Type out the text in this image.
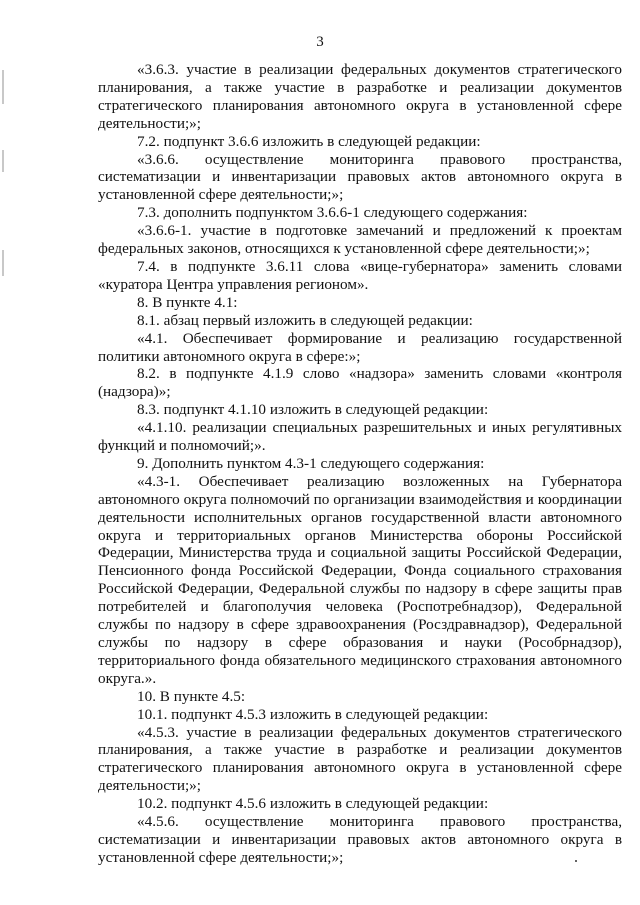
3

«3.6.3. участие в реализации федеральных документов стратегического планирования, а также участие в разработке и реализации документов стратегического планирования автономного округа в установленной сфере деятельности;»;

7.2. подпункт 3.6.6 изложить в следующей редакции:

«3.6.6. осуществление мониторинга правового пространства, систематизации и инвентаризации правовых актов автономного округа в установленной сфере деятельности;»;

7.3. дополнить подпунктом 3.6.6-1 следующего содержания:

«3.6.6-1. участие в подготовке замечаний и предложений к проектам федеральных законов, относящихся к установленной сфере деятельности;»;

7.4. в подпункте 3.6.11 слова «вице-губернатора» заменить словами «куратора Центра управления регионом».

8. В пункте 4.1:

8.1. абзац первый изложить в следующей редакции:

«4.1. Обеспечивает формирование и реализацию государственной политики автономного округа в сфере:»;

8.2. в подпункте 4.1.9 слово «надзора» заменить словами «контроля (надзора)»;

8.3. подпункт 4.1.10 изложить в следующей редакции:

«4.1.10. реализации специальных разрешительных и иных регулятивных функций и полномочий;».

9. Дополнить пунктом 4.3-1 следующего содержания:

«4.3-1. Обеспечивает реализацию возложенных на Губернатора автономного округа полномочий по организации взаимодействия и координации деятельности исполнительных органов государственной власти автономного округа и территориальных органов Министерства обороны Российской Федерации, Министерства труда и социальной защиты Российской Федерации, Пенсионного фонда Российской Федерации, Фонда социального страхования Российской Федерации, Федеральной службы по надзору в сфере защиты прав потребителей и благополучия человека (Роспотребнадзор), Федеральной службы по надзору в сфере здравоохранения (Росздравнадзор), Федеральной службы по надзору в сфере образования и науки (Рособрнадзор), территориального фонда обязательного медицинского страхования автономного округа.».

10. В пункте 4.5:

10.1. подпункт 4.5.3 изложить в следующей редакции:

«4.5.3. участие в реализации федеральных документов стратегического планирования, а также участие в разработке и реализации документов стратегического планирования автономного округа в установленной сфере деятельности;»;

10.2. подпункт 4.5.6 изложить в следующей редакции:

«4.5.6. осуществление мониторинга правового пространства, систематизации и инвентаризации правовых актов автономного округа в установленной сфере деятельности;»;
